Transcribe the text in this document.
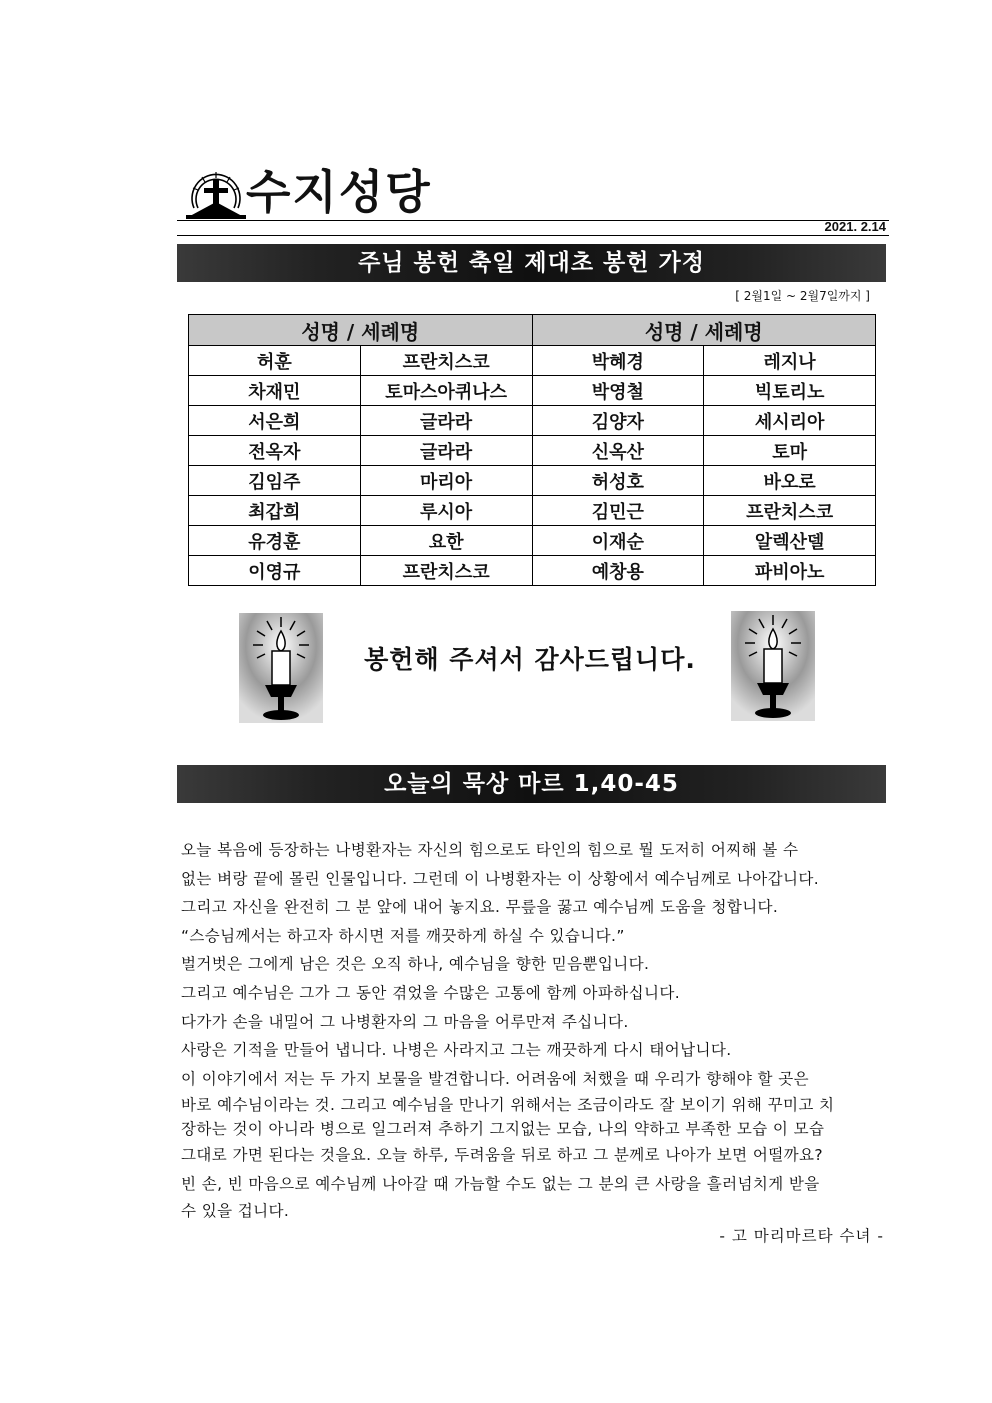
수지성당
2021. 2.14
주님 봉헌 축일 제대초 봉헌 가정
[ 2월1일 ~ 2월7일까지 ]
성명 / 세례명		성명 / 세례명	
허훈	프란치스코	박혜경	레지나
차재민	토마스아퀴나스	박영철	빅토리노
서은희	글라라	김양자	세시리아
전옥자	글라라	신옥산	토마
김임주	마리아	허성호	바오로
최갑희	루시아	김민근	프란치스코
유경훈	요한	이재순	알렉산델
이영규	프란치스코	예창용	파비아노
봉헌해 주셔서 감사드립니다.
오늘의 묵상 마르 1,40-45

오늘 복음에 등장하는 나병환자는 자신의 힘으로도 타인의 힘으로 뭘 도저히 어찌해 볼 수

없는 벼랑 끝에 몰린 인물입니다. 그런데 이 나병환자는 이 상황에서 예수님께로 나아갑니다.

그리고 자신을 완전히 그 분 앞에 내어 놓지요. 무릎을 꿇고 예수님께 도움을 청합니다.

“스승님께서는 하고자 하시면 저를 깨끗하게 하실 수 있습니다.”

벌거벗은 그에게 남은 것은 오직 하나, 예수님을 향한 믿음뿐입니다.

그리고 예수님은 그가 그 동안 겪었을 수많은 고통에 함께 아파하십니다.

다가가 손을 내밀어 그 나병환자의 그 마음을 어루만져 주십니다.

사랑은 기적을 만들어 냅니다. 나병은 사라지고 그는 깨끗하게 다시 태어납니다.

이 이야기에서 저는 두 가지 보물을 발견합니다. 어려움에 처했을 때 우리가 향해야 할 곳은

바로 예수님이라는 것. 그리고 예수님을 만나기 위해서는 조금이라도 잘 보이기 위해 꾸미고 치

장하는 것이 아니라 병으로 일그러져 추하기 그지없는 모습, 나의 약하고 부족한 모습 이 모습

그대로 가면 된다는 것을요. 오늘 하루, 두려움을 뒤로 하고 그 분께로 나아가 보면 어떨까요?

빈 손, 빈 마음으로 예수님께 나아갈 때 가늠할 수도 없는 그 분의 큰 사랑을 흘러넘치게 받을

수 있을 겁니다.

- 고 마리마르타 수녀 -
